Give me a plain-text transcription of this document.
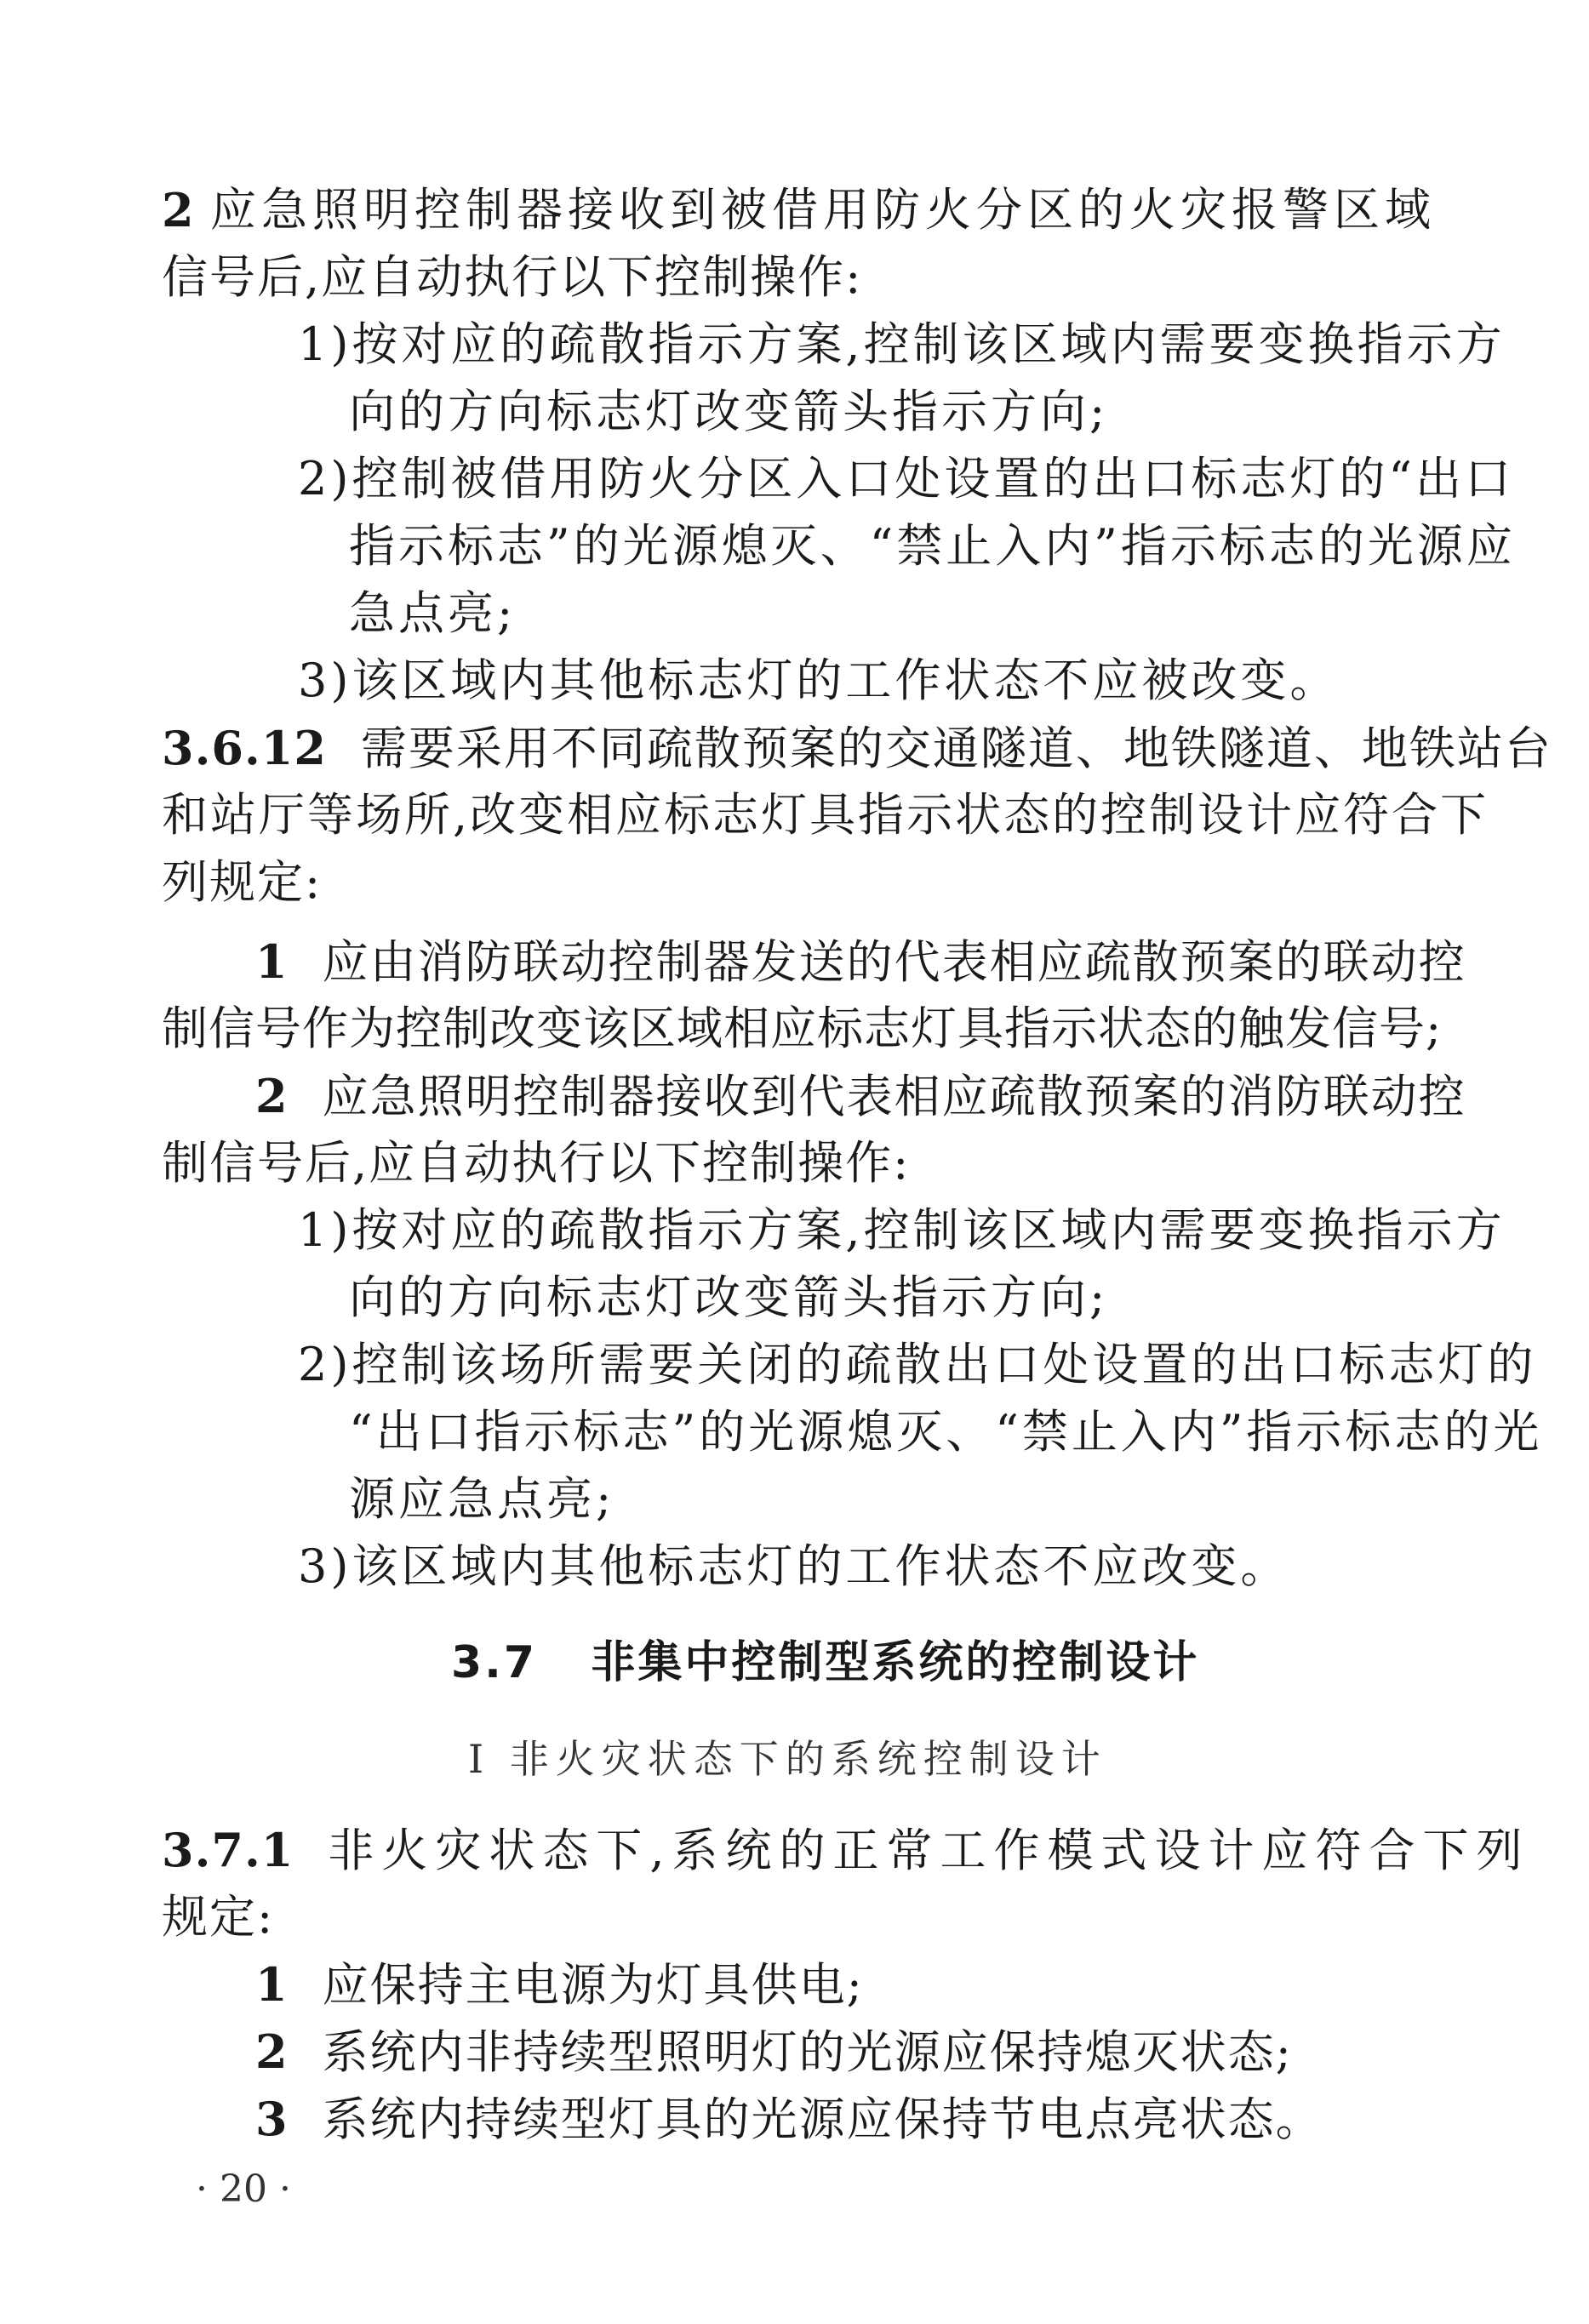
2 应急照明控制器接收到被借用防火分区的火灾报警区域
信号后,应自动执行以下控制操作:
1)按对应的疏散指示方案,控制该区域内需要变换指示方
向的方向标志灯改变箭头指示方向;
2)控制被借用防火分区入口处设置的出口标志灯的“出口
指示标志”的光源熄灭、“禁止入内”指示标志的光源应
急点亮;
3)该区域内其他标志灯的工作状态不应被改变。
3.6.12 需要采用不同疏散预案的交通隧道、地铁隧道、地铁站台
和站厅等场所,改变相应标志灯具指示状态的控制设计应符合下
列规定:
1 应由消防联动控制器发送的代表相应疏散预案的联动控
制信号作为控制改变该区域相应标志灯具指示状态的触发信号;
2 应急照明控制器接收到代表相应疏散预案的消防联动控
制信号后,应自动执行以下控制操作:
1)按对应的疏散指示方案,控制该区域内需要变换指示方
向的方向标志灯改变箭头指示方向;
2)控制该场所需要关闭的疏散出口处设置的出口标志灯的
“出口指示标志”的光源熄灭、“禁止入内”指示标志的光
源应急点亮;
3)该区域内其他标志灯的工作状态不应改变。
3.7   非集中控制型系统的控制设计
Ⅰ 非火灾状态下的系统控制设计
3.7.1 非火灾状态下,系统的正常工作模式设计应符合下列
规定:
1 应保持主电源为灯具供电;
2 系统内非持续型照明灯的光源应保持熄灭状态;
3 系统内持续型灯具的光源应保持节电点亮状态。
· 20 ·
